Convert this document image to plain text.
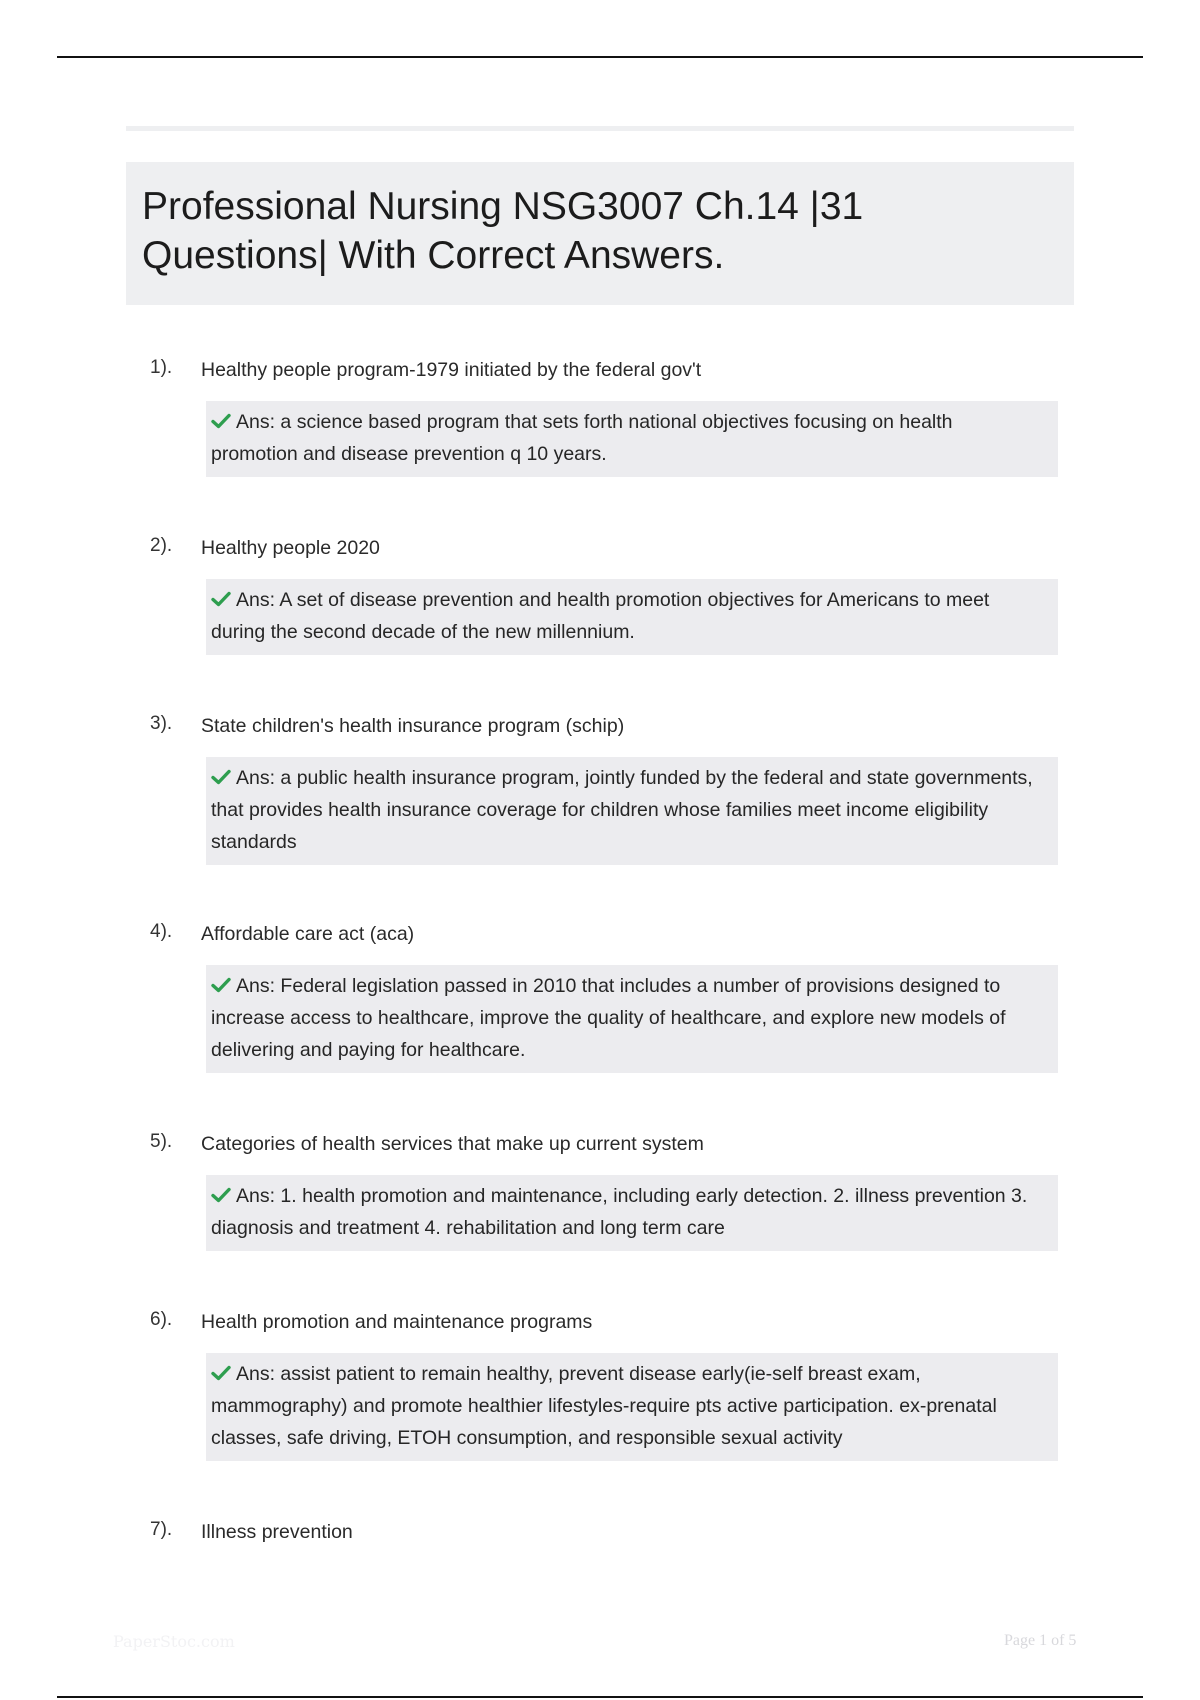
Professional Nursing NSG3007 Ch.14 |31 Questions| With Correct Answers.
1). Healthy people program-1979 initiated by the federal gov't
Ans: a science based program that sets forth national objectives focusing on health promotion and disease prevention q 10 years.
2). Healthy people 2020
Ans: A set of disease prevention and health promotion objectives for Americans to meet during the second decade of the new millennium.
3). State children's health insurance program (schip)
Ans: a public health insurance program, jointly funded by the federal and state governments, that provides health insurance coverage for children whose families meet income eligibility standards
4). Affordable care act (aca)
Ans: Federal legislation passed in 2010 that includes a number of provisions designed to increase access to healthcare, improve the quality of healthcare, and explore new models of delivering and paying for healthcare.
5). Categories of health services that make up current system
Ans: 1. health promotion and maintenance, including early detection. 2. illness prevention 3. diagnosis and treatment 4. rehabilitation and long term care
6). Health promotion and maintenance programs
Ans: assist patient to remain healthy, prevent disease early(ie-self breast exam, mammography) and promote healthier lifestyles-require pts active participation. ex-prenatal classes, safe driving, ETOH consumption, and responsible sexual activity
7). Illness prevention
PaperStoc.com	Page 1 of 5
